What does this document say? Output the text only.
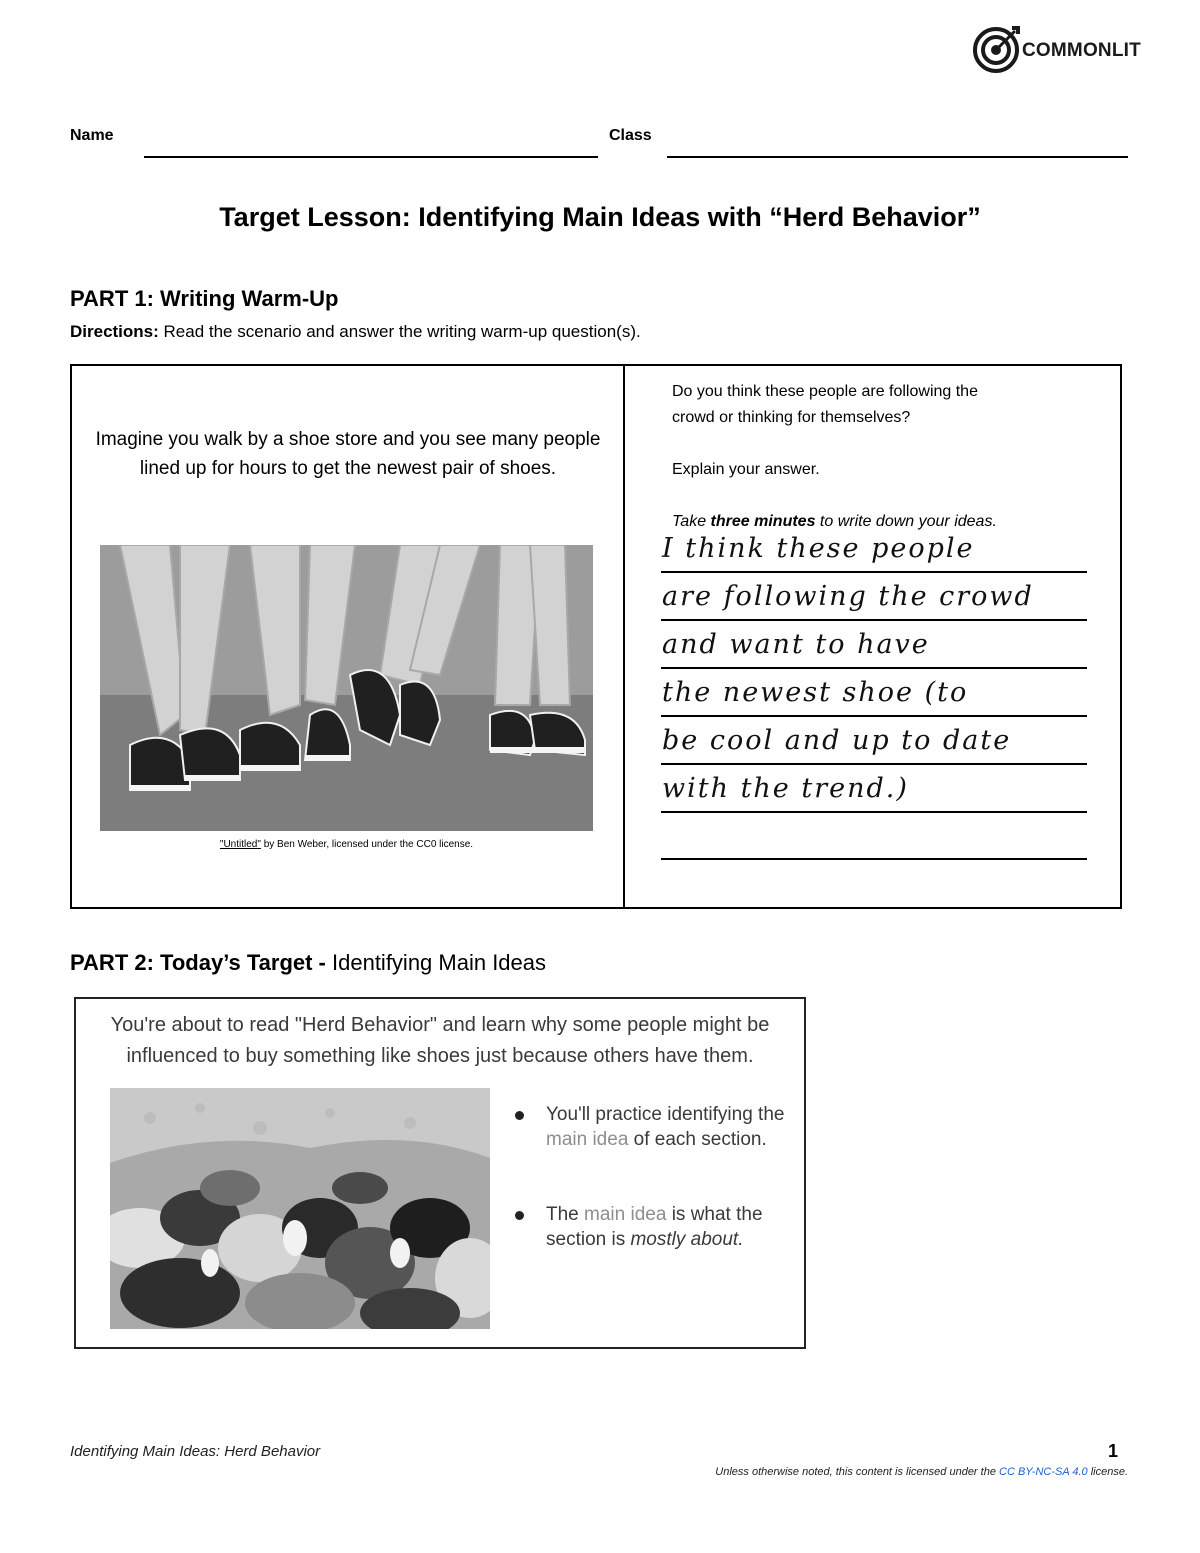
COMMONLIT
Name	Class
Target Lesson: Identifying Main Ideas with “Herd Behavior”
PART 1: Writing Warm-Up
Directions: Read the scenario and answer the writing warm-up question(s).
Imagine you walk by a shoe store and you see many people lined up for hours to get the newest pair of shoes.
"Untitled" by Ben Weber, licensed under the CC0 license.
Do you think these people are following the
crowd or thinking for themselves?
Explain your answer.
Take three minutes to write down your ideas.
I think these people
are following the crowd
and want to have
the newest shoe (to
be cool and up to date
with the trend.)
PART 2: Today’s Target - Identifying Main Ideas
You're about to read "Herd Behavior" and learn why some people might be influenced to buy something like shoes just because others have them.
You'll practice identifying the main idea of each section.
The main idea is what the section is mostly about.
Identifying Main Ideas: Herd Behavior	1
Unless otherwise noted, this content is licensed under the CC BY-NC-SA 4.0 license.
